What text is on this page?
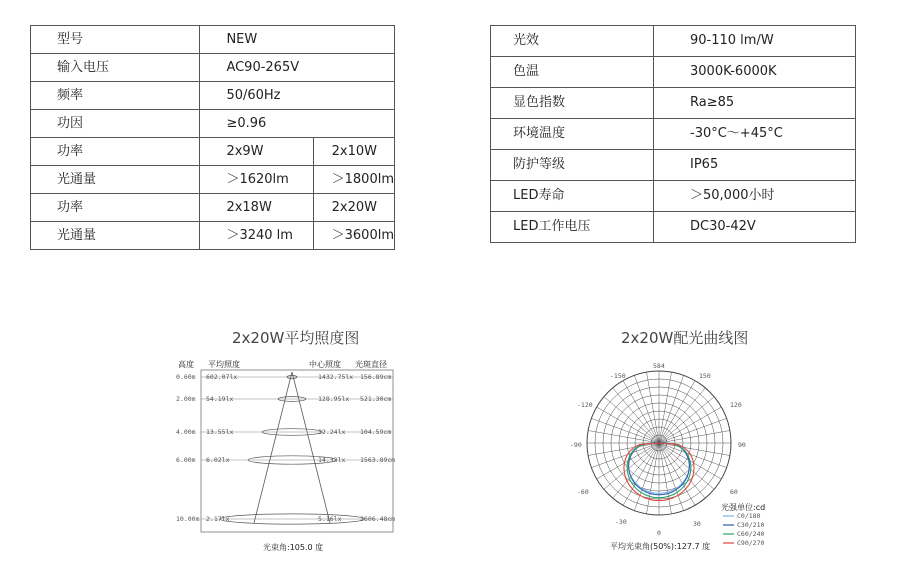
型号	NEW	
输入电压	AC90-265V	
频率	50/60Hz	
功因	≥0.96	
功率	2x9W	2x10W
光通量	＞1620lm	＞1800lm
功率	2x18W	2x20W
光通量	＞3240 lm	＞3600lm
光效	90-110 lm/W
色温	3000K-6000K
显色指数	Ra≥85
环境温度	-30°C～+45°C
防护等级	IP65
LED寿命	＞50,000小时
LED工作电压	DC30-42V
2x20W平均照度图	2x20W配光曲线图
高度 平均照度	中心照度 光斑直径
0.60m 602.07lx	1432.75lx 156.89cm
2.00m 54.19lx	128.95lx 521.30cm
4.00m 13.55lx	32.24lx 104.59cm
6.00m 6.02lx	14.33lx 1563.89cm
10.00m 2.17lx	5.16lx	2606.48cm
光束角:105.0 度
584
-150	150
-120	120
-90	90
-60	60
-30	30
0
光强单位:cd
C0/180
C30/210
C60/240
C90/270
平均光束角(50%):127.7 度
